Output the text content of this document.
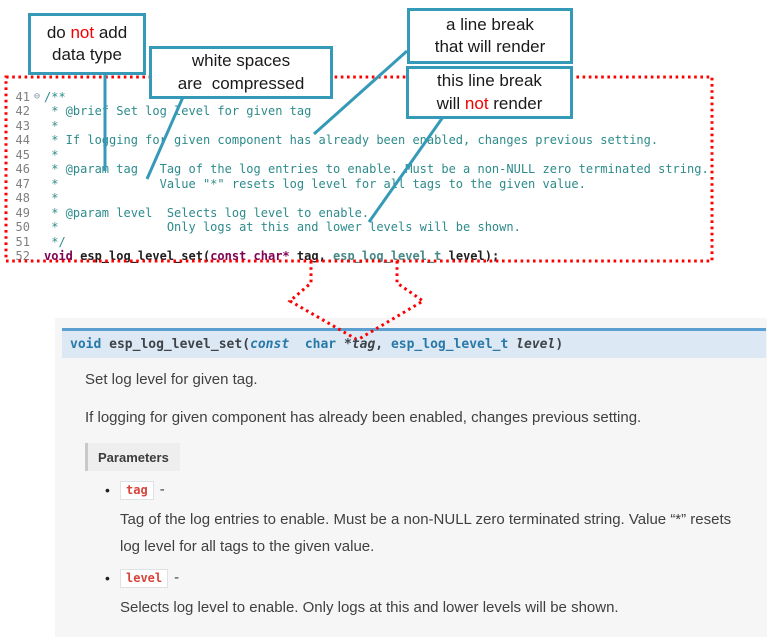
41 ⊖ /**
42 * @brief Set log level for given tag
43 *
44 * If logging for given component has already been enabled, changes previous setting.
45 *
46 * @param tag   Tag of the log entries to enable. Must be a non-NULL zero terminated string.
47 *              Value "*" resets log level for all tags to the given value.
48 *
49 * @param level  Selects log level to enable.
50 *               Only logs at this and lower levels will be shown.
51 */
52 void esp_log_level_set(const char* tag, esp_log_level_t level);
do not add
data type	white spaces
are  compressed
a line break
that will render
this line break
will not render
void
esp_log_level_set ( const
char * tag , esp_log_level_t
level )
Set log level for given tag.
If logging for given component has already been enabled, changes previous setting.
Parameters
•	tag -
Tag of the log entries to enable. Must be a non-NULL zero terminated string. Value “*” resets log level for all tags to the given value.
•	level -
Selects log level to enable. Only logs at this and lower levels will be shown.
